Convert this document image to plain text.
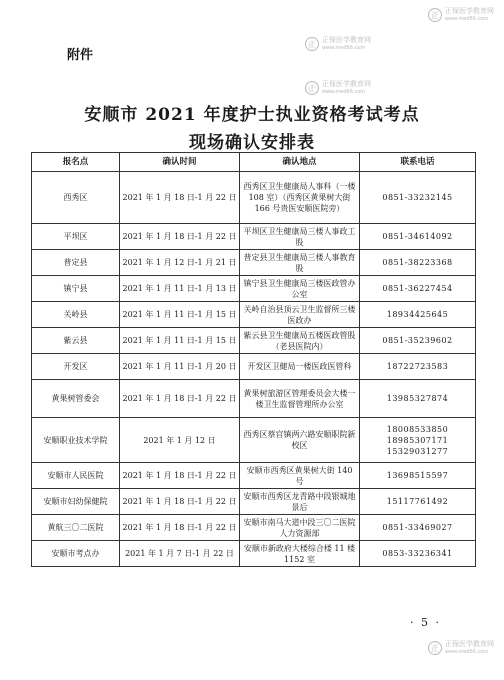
附件
正 正保医学教育网
www.med66.com
正 正保医学教育网
www.med66.com
正 正保医学教育网
www.med66.com
正 正保医学教育网
www.med66.com
安顺市 2021 年度护士执业资格考试考点
现场确认安排表
报名点	确认时间	确认地点	联系电话
西秀区	2021 年 1 月 18 日-1 月 22 日	西秀区卫生健康局人事科（一楼 108 室）（西秀区黄果树大街 166 号贵医安顺医院旁）	0851-33232145

平坝区	2021 年 1 月 18 日-1 月 22 日	平坝区卫生健康局三楼人事政工股	0851-34614092

普定县	2021 年 1 月 12 日-1 月 21 日	普定县卫生健康局三楼人事教育股	0851-38223368

镇宁县	2021 年 1 月 11 日-1 月 13 日	镇宁县卫生健康局三楼医政管办公室	0851-36227454

关岭县	2021 年 1 月 11 日-1 月 15 日	关岭自治县顶云卫生监督所三楼医政办	18934425645

紫云县	2021 年 1 月 11 日-1 月 15 日	紫云县卫生健康局五楼医政管股（老县医院内）	0851-35239602

开发区	2021 年 1 月 11 日-1 月 20 日	开发区卫健局一楼医政医管科	18722723583

黄果树管委会	2021 年 1 月 18 日-1 月 22 日	黄果树旅游区管理委员会大楼一楼卫生监督管理所办公室	13985327874

安顺职业技术学院	2021 年 1 月 12 日	西秀区蔡官镇两六路安顺职院新校区	18008533850
18985307171
15329031277

安顺市人民医院	2021 年 1 月 18 日-1 月 22 日	安顺市西秀区黄果树大街 140 号	13698515597

安顺市妇幼保健院	2021 年 1 月 18 日-1 月 22 日	安顺市西秀区龙青路中段银城地景后	15117761492

黄航三〇二医院	2021 年 1 月 18 日-1 月 22 日	安顺市南马大道中段三〇二医院人力资源部	0851-33469027

安顺市考点办	2021 年 1 月 7 日-1 月 22 日	安顺市新政府大楼综合楼 11 楼 1152 室	0853-33236341
· 5 ·
